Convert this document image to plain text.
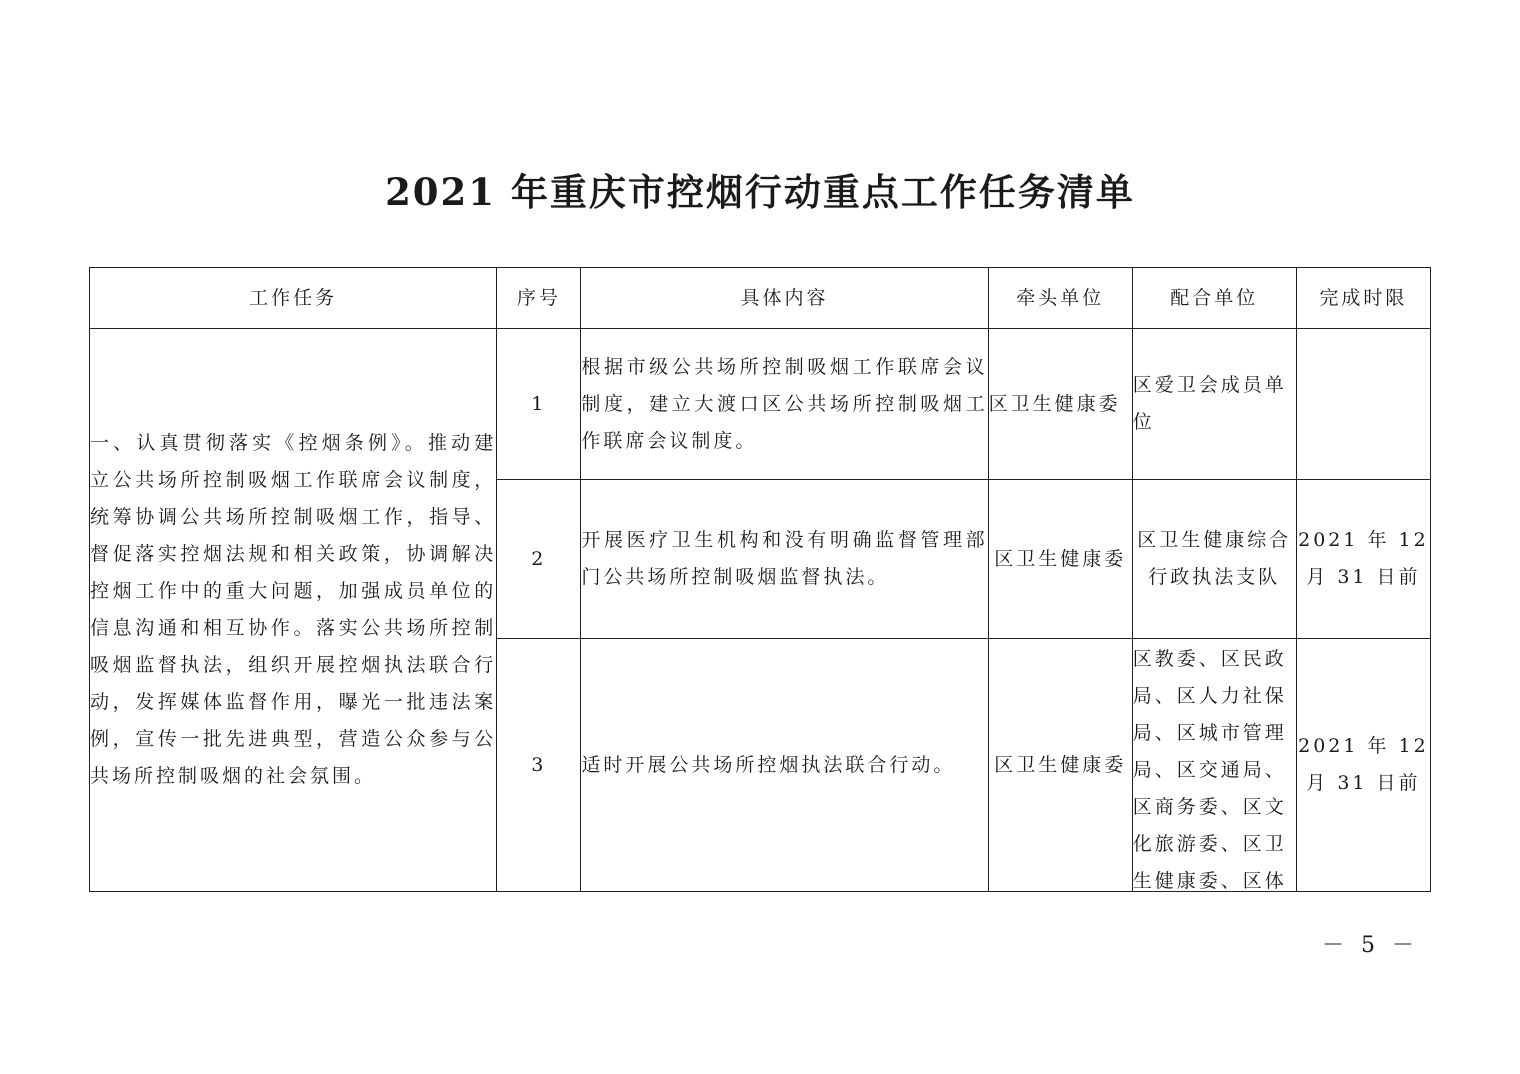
2021 年重庆市控烟行动重点工作任务清单
工作任务	序号	具体内容	牵头单位	配合单位	完成时限
一、认真贯彻落实《控烟条例》。推动建立公共场所控制吸烟工作联席会议制度，统筹协调公共场所控制吸烟工作，指导、督促落实控烟法规和相关政策，协调解决控烟工作中的重大问题，加强成员单位的信息沟通和相互协作。落实公共场所控制吸烟监督执法，组织开展控烟执法联合行动，发挥媒体监督作用，曝光一批违法案例，宣传一批先进典型，营造公众参与公共场所控制吸烟的社会氛围。	1	根据市级公共场所控制吸烟工作联席会议制度，建立大渡口区公共场所控制吸烟工作联席会议制度。	区卫生健康委	区爱卫会成员单位	
	2	开展医疗卫生机构和没有明确监督管理部门公共场所控制吸烟监督执法。	区卫生健康委	区卫生健康综合行政执法支队	2021 年 12 月 31 日前
	3	适时开展公共场所控烟执法联合行动。	区卫生健康委	区教委、区民政局、区人力社保局、区城市管理局、区交通局、区商务委、区文化旅游委、区卫生健康委、区体	2021 年 12 月 31 日前
－ 5 －
